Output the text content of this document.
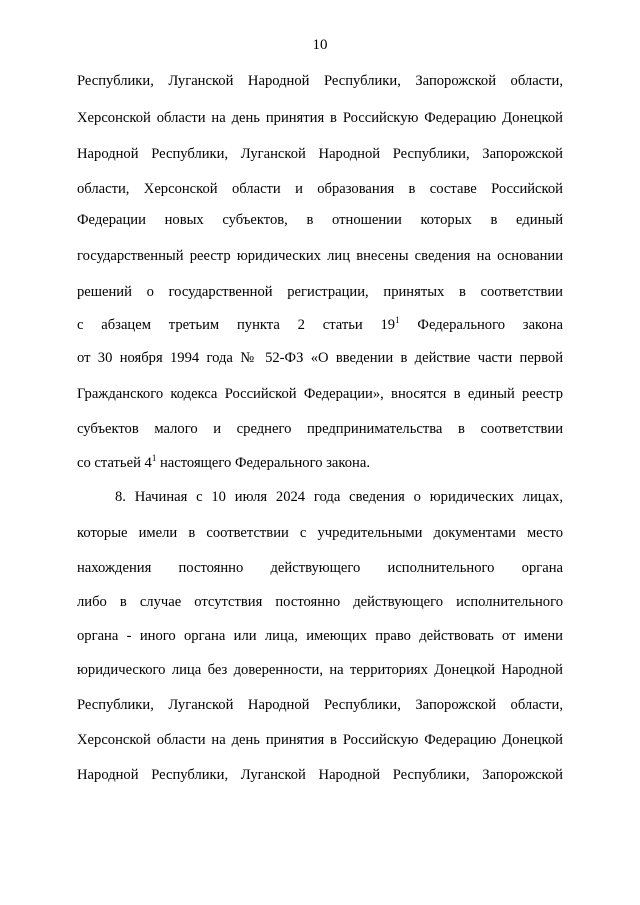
10
Республики, Луганской Народной Республики, Запорожской области,
Херсонской области на день принятия в Российскую Федерацию Донецкой
Народной Республики, Луганской Народной Республики, Запорожской
области, Херсонской области и образования в составе Российской
Федерации новых субъектов, в отношении которых в единый
государственный реестр юридических лиц внесены сведения на основании
решений о государственной регистрации, принятых в соответствии
с абзацем третьим пункта 2 статьи $19^1$ Федерального закона
от 30 ноября 1994 года № 52-ФЗ «О введении в действие части первой
Гражданского кодекса Российской Федерации», вносятся в единый реестр
субъектов малого и среднего предпринимательства в соответствии
со статьей $4^1$ настоящего Федерального закона.
8. Начиная с 10 июля 2024 года сведения о юридических лицах,
которые имели в соответствии с учредительными документами место
нахождения постоянно действующего исполнительного органа
либо в случае отсутствия постоянно действующего исполнительного
органа - иного органа или лица, имеющих право действовать от имени
юридического лица без доверенности, на территориях Донецкой Народной
Республики, Луганской Народной Республики, Запорожской области,
Херсонской области на день принятия в Российскую Федерацию Донецкой
Народной Республики, Луганской Народной Республики, Запорожской
